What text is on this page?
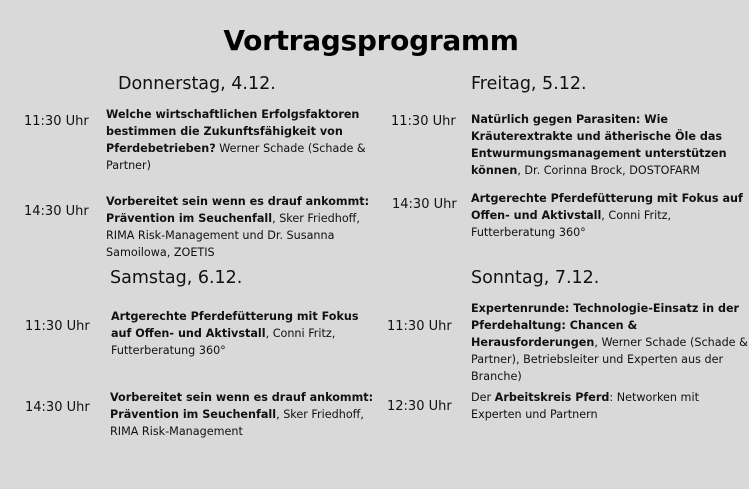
Vortragsprogramm
Donnerstag, 4.12.
11:30 Uhr Welche wirtschaftlichen Erfolgsfaktoren bestimmen die Zukunftsfähigkeit von Pferdebetrieben? Werner Schade (Schade & Partner)
14:30 Uhr
Vorbereitet sein wenn es drauf ankommt: Prävention im Seuchenfall, Sker Friedhoff, RIMA Risk-Management und Dr. Susanna Samoilowa, ZOETIS
Freitag, 5.12.
11:30 Uhr Natürlich gegen Parasiten: Wie Kräuterextrakte und ätherische Öle das Entwurmungsmanagement unterstützen können, Dr. Corinna Brock, DOSTOFARM
14:30 Uhr Artgerechte Pferdefütterung mit Fokus auf Offen- und Aktivstall, Conni Fritz, Futterberatung 360°
Samstag, 6.12.
11:30 Uhr
Artgerechte Pferdefütterung mit Fokus auf Offen- und Aktivstall, Conni Fritz, Futterberatung 360°
14:30 Uhr
Vorbereitet sein wenn es drauf ankommt: Prävention im Seuchenfall, Sker Friedhoff, RIMA Risk-Management
Sonntag, 7.12.
11:30 Uhr
Expertenrunde: Technologie-Einsatz in der Pferdehaltung: Chancen & Herausforderungen, Werner Schade (Schade & Partner), Betriebsleiter und Experten aus der Branche)
12:30 Uhr
Der Arbeitskreis Pferd: Networken mit Experten und Partnern
